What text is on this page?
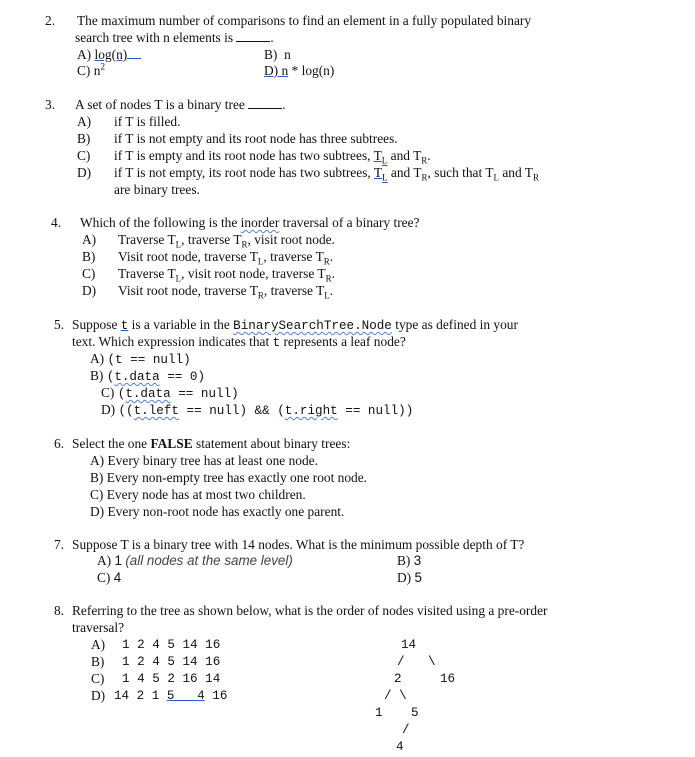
2. The maximum number of comparisons to find an element in a fully populated binary
search tree with n elements is	.
A) log(n)	B) n
C) $n^2$	D) n * log(n)
3. A set of nodes T is a binary tree	.
A) if T is filled.
B) if T is not empty and its root node has three subtrees.
C) if T is empty and its root node has two subtrees, $T_L$ and $T_R$.
D) if T is not empty, its root node has two subtrees, $T_L$ and $T_R$, such that $T_L$ and $T_R$
are binary trees.
4. Which of the following is the inorder traversal of a binary tree?
A) Traverse $T_L$, traverse $T_R$, visit root node.
B) Visit root node, traverse $T_L$, traverse $T_R$.
C) Traverse $T_L$, visit root node, traverse $T_R$.
D) Visit root node, traverse $T_R$, traverse $T_L$.
5. Suppose t is a variable in the BinarySearchTree.Node type as defined in your
text. Which expression indicates that t represents a leaf node?
A) (t == null)
B) (t.data == 0)
C) (t.data == null)
D) ((t.left == null) && (t.right == null))
6. Select the one FALSE statement about binary trees:
A) Every binary tree has at least one node.
B) Every non-empty tree has exactly one root node.
C) Every node has at most two children.
D) Every non-root node has exactly one parent.
7. Suppose T is a binary tree with 14 nodes. What is the minimum possible depth of T?
A) 1 (all nodes at the same level)	B) 3
C) 4	D) 5
8. Referring to the tree as shown below, what is the order of nodes visited using a pre-order
traversal?
A) 1 2 4 5 14 16
B) 1 2 4 5 14 16
C) 1 4 5 2 16 14
D) 14 2 1 5   4 16
14
/ \
2	16
/ \
1 5
/
4
